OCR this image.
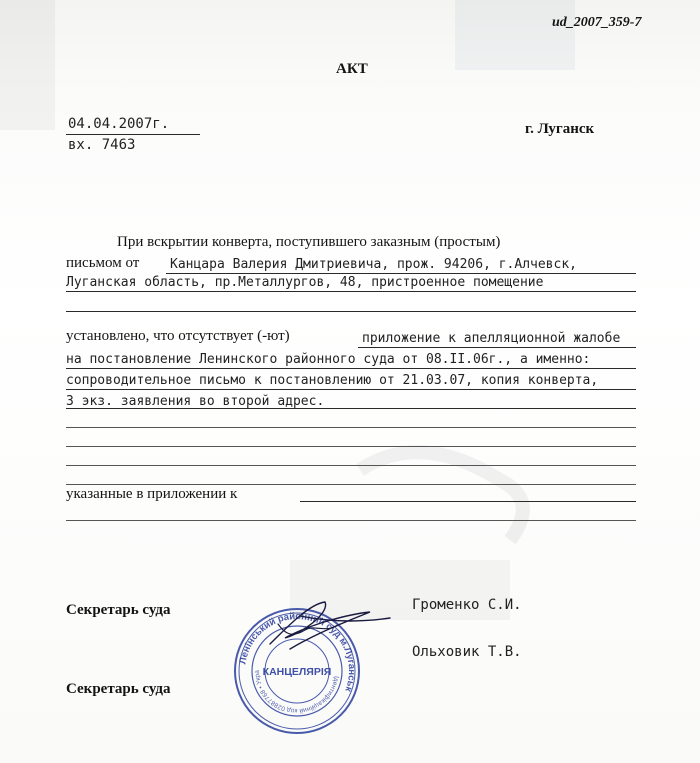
ud_2007_359-7
АКТ
04.04.2007г.
вх. 7463
г. Луганск
При вскрытии конверта, поступившего заказным (простым)
письмом от Канцара Валерия Дмитриевича, прож. 94206, г.Алчевск,
Луганская область, пр.Металлургов, 48, пристроенное помещение
установлено, что отсутствует (-ют)	приложение к апелляционной жалобе
на постановление Ленинского районного суда от 08.II.06г., а именно:
сопроводительное письмо к постановлению от 21.03.07, копия конверта,
3 экз. заявления во второй адрес.
указанные в приложении к
Секретарь суда	Громенко С.И.
Секретарь суда
Ольховик Т.В.
Ленінський районний суд м.Луганськ
Ідентифікаційний код 02887768 • Україна
КАНЦЕЛЯРІЯ
